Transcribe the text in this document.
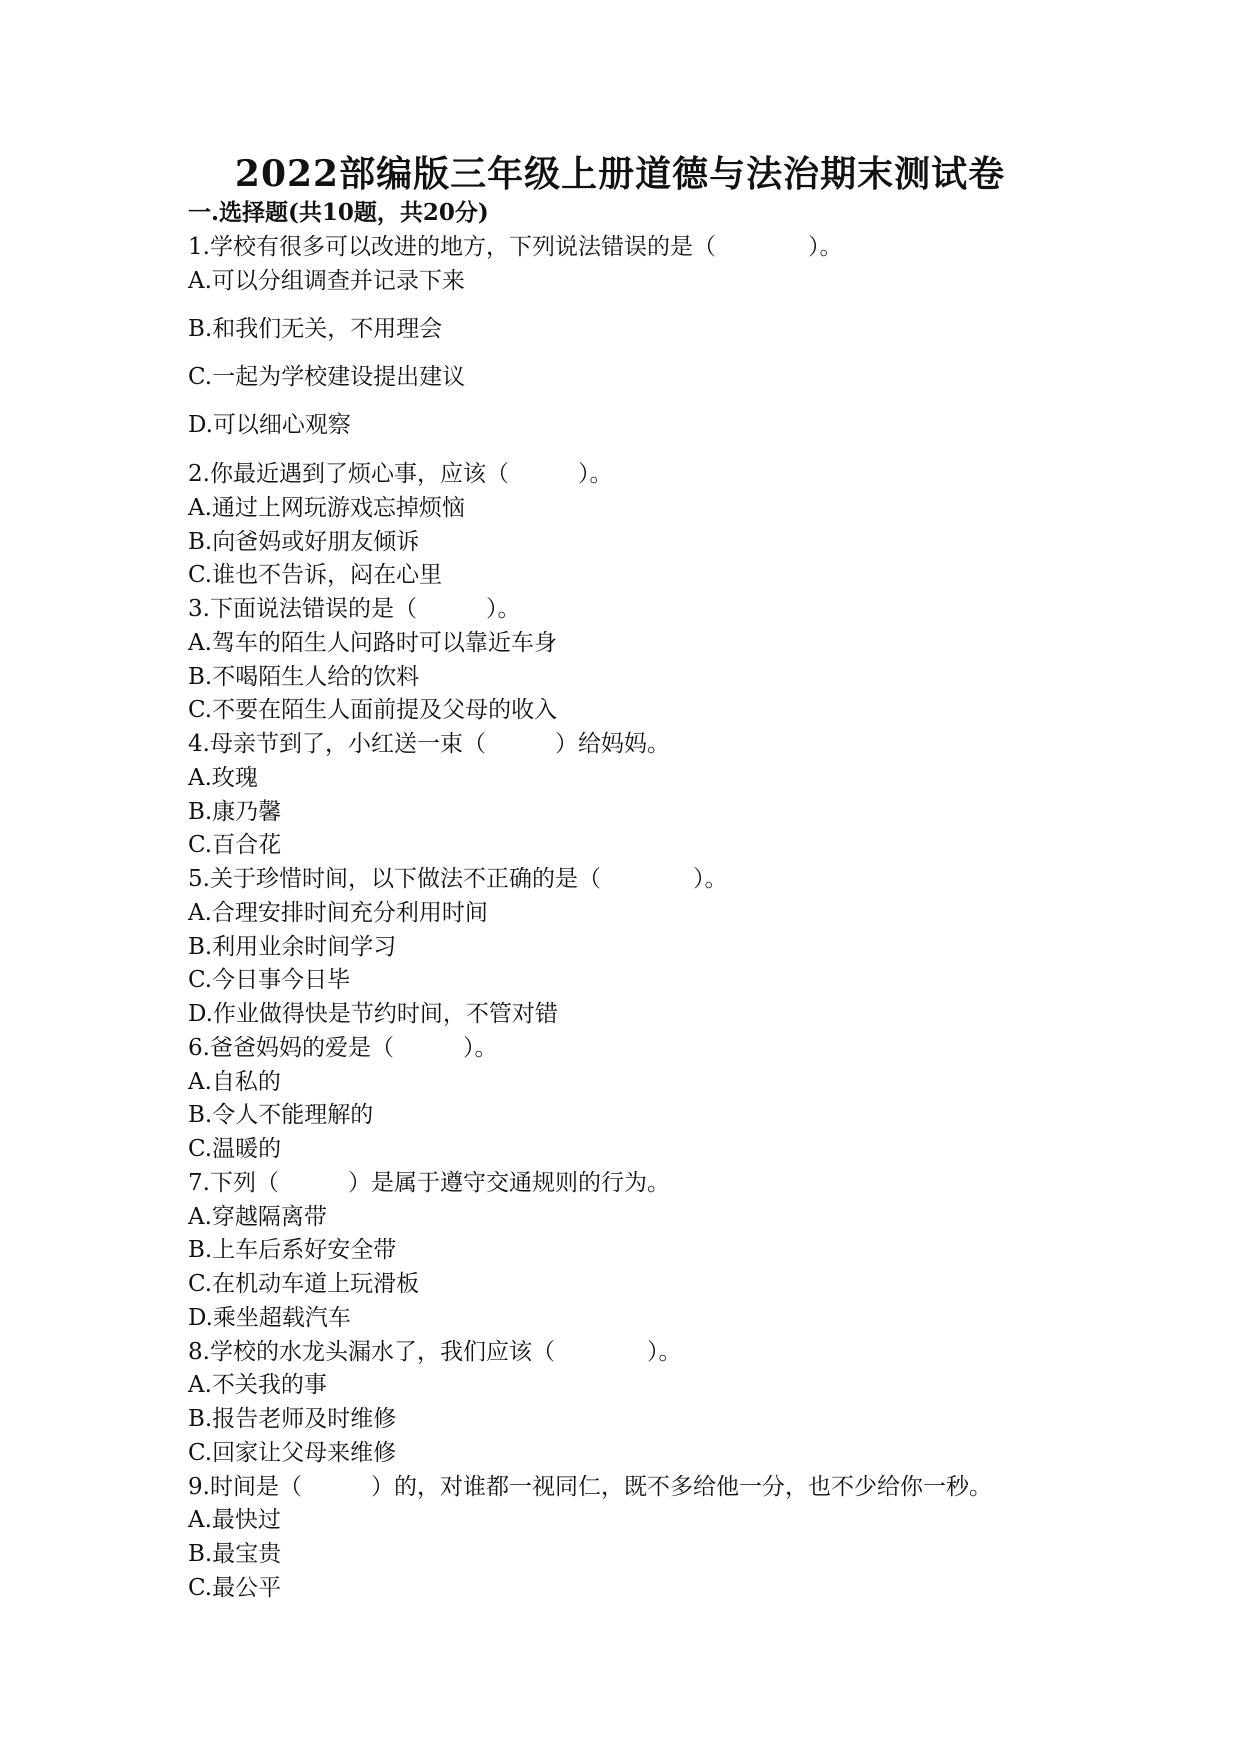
2022部编版三年级上册道德与法治期末测试卷
一.选择题(共10题，共20分)
1.学校有很多可以改进的地方，下列说法错误的是（　　　　）。
A.可以分组调查并记录下来
B.和我们无关，不用理会
C.一起为学校建设提出建议
D.可以细心观察
2.你最近遇到了烦心事，应该（　　　）。
A.通过上网玩游戏忘掉烦恼
B.向爸妈或好朋友倾诉
C.谁也不告诉，闷在心里
3.下面说法错误的是（　　　）。
A.驾车的陌生人问路时可以靠近车身
B.不喝陌生人给的饮料
C.不要在陌生人面前提及父母的收入
4.母亲节到了，小红送一束（　　　）给妈妈。
A.玫瑰
B.康乃馨
C.百合花
5.关于珍惜时间，以下做法不正确的是（　　　　）。
A.合理安排时间充分利用时间
B.利用业余时间学习
C.今日事今日毕
D.作业做得快是节约时间，不管对错
6.爸爸妈妈的爱是（　　　）。
A.自私的
B.令人不能理解的
C.温暖的
7.下列（　　　）是属于遵守交通规则的行为。
A.穿越隔离带
B.上车后系好安全带
C.在机动车道上玩滑板
D.乘坐超载汽车
8.学校的水龙头漏水了，我们应该（　　　　）。
A.不关我的事
B.报告老师及时维修
C.回家让父母来维修
9.时间是（　　　）的，对谁都一视同仁，既不多给他一分，也不少给你一秒。
A.最快过
B.最宝贵
C.最公平
